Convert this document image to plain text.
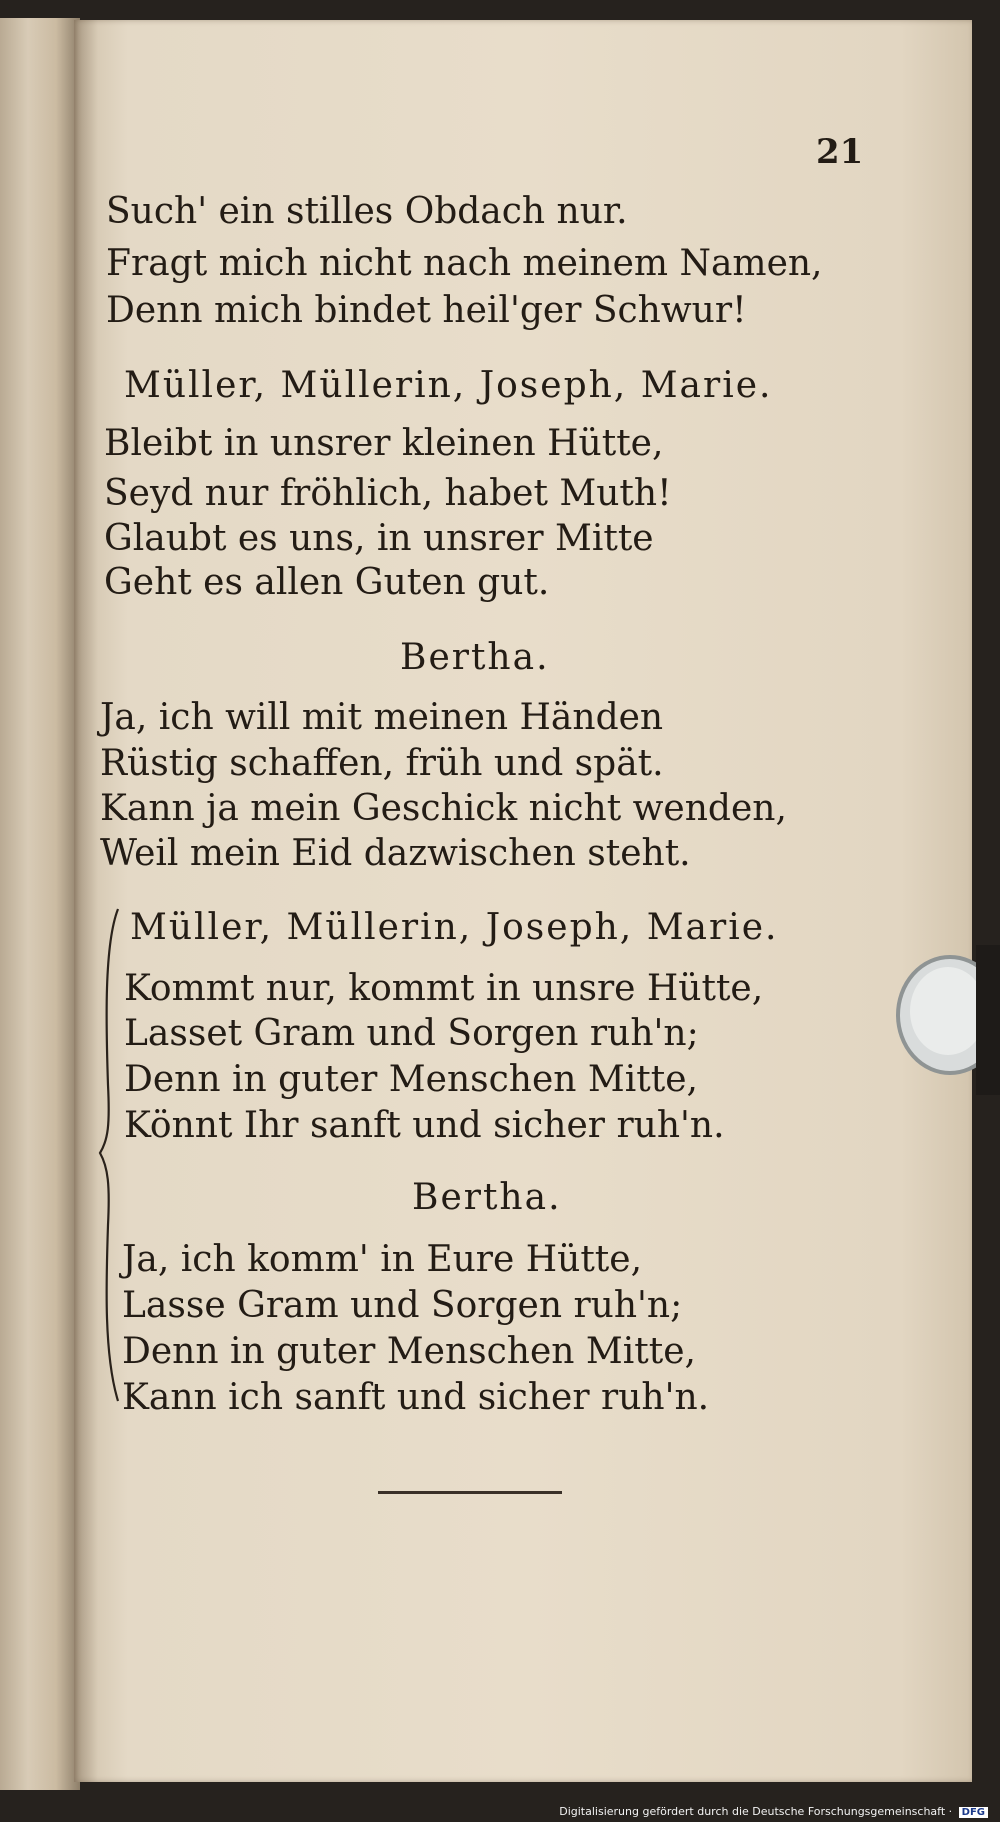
21
Such' ein stilles Obdach nur.
Fragt mich nicht nach meinem Namen,
Denn mich bindet heil'ger Schwur!
Müller, Müllerin, Joseph, Marie.
Bleibt in unsrer kleinen Hütte,
Seyd nur fröhlich, habet Muth!
Glaubt es uns, in unsrer Mitte
Geht es allen Guten gut.
Bertha.
Ja, ich will mit meinen Händen
Rüstig schaffen, früh und spät.
Kann ja mein Geschick nicht wenden,
Weil mein Eid dazwischen steht.
Müller, Müllerin, Joseph, Marie.
Kommt nur, kommt in unsre Hütte,
Lasset Gram und Sorgen ruh'n;
Denn in guter Menschen Mitte,
Könnt Ihr sanft und sicher ruh'n.
Bertha.
Ja, ich komm' in Eure Hütte,
Lasse Gram und Sorgen ruh'n;
Denn in guter Menschen Mitte,
Kann ich sanft und sicher ruh'n.
Digitalisierung gefördert durch die Deutsche Forschungsgemeinschaft · DFG
